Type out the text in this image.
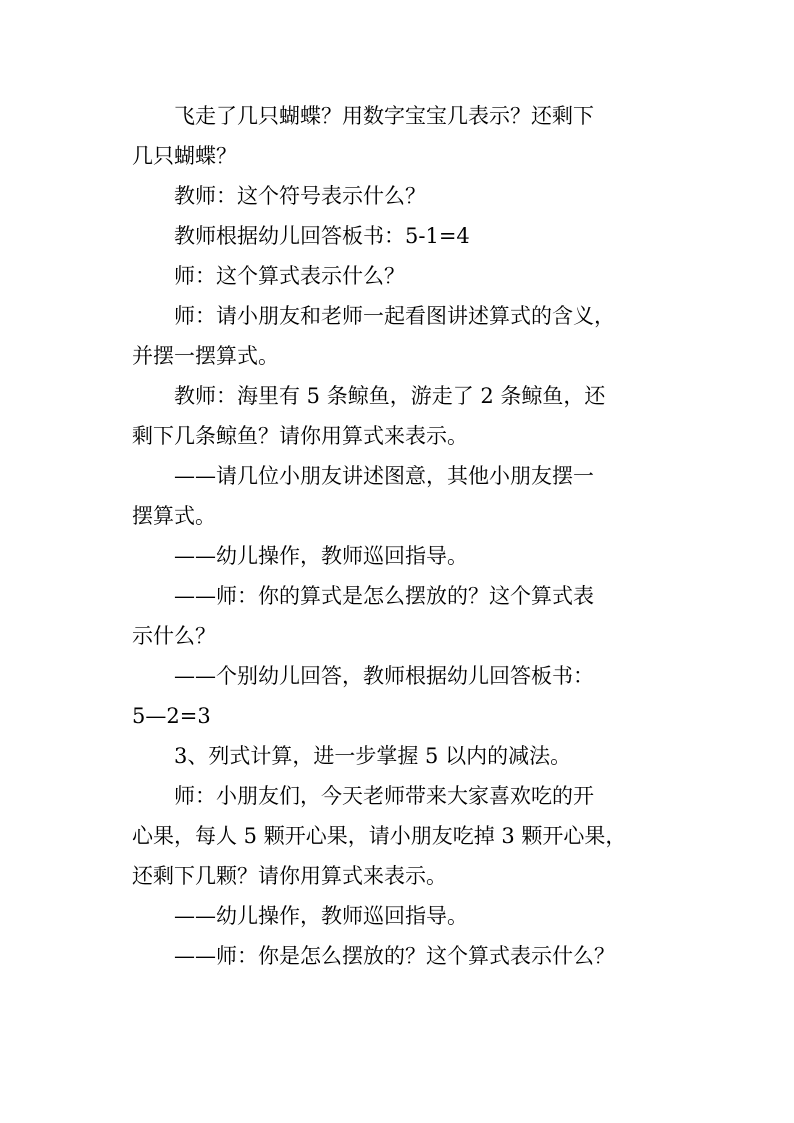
飞走了几只蝴蝶？用数字宝宝几表示？还剩下
几只蝴蝶？
教师：这个符号表示什么？
教师根据幼儿回答板书：5-1=4
师：这个算式表示什么？
师：请小朋友和老师一起看图讲述算式的含义，
并摆一摆算式。
教师：海里有 5 条鲸鱼，游走了 2 条鲸鱼，还
剩下几条鲸鱼？请你用算式来表示。
——请几位小朋友讲述图意，其他小朋友摆一
摆算式。
——幼儿操作，教师巡回指导。
——师：你的算式是怎么摆放的？这个算式表
示什么？
——个别幼儿回答，教师根据幼儿回答板书：
5—2=3
3、列式计算，进一步掌握 5 以内的减法。
师：小朋友们，今天老师带来大家喜欢吃的开
心果，每人 5 颗开心果，请小朋友吃掉 3 颗开心果，
还剩下几颗？请你用算式来表示。
——幼儿操作，教师巡回指导。
——师：你是怎么摆放的？这个算式表示什么？
